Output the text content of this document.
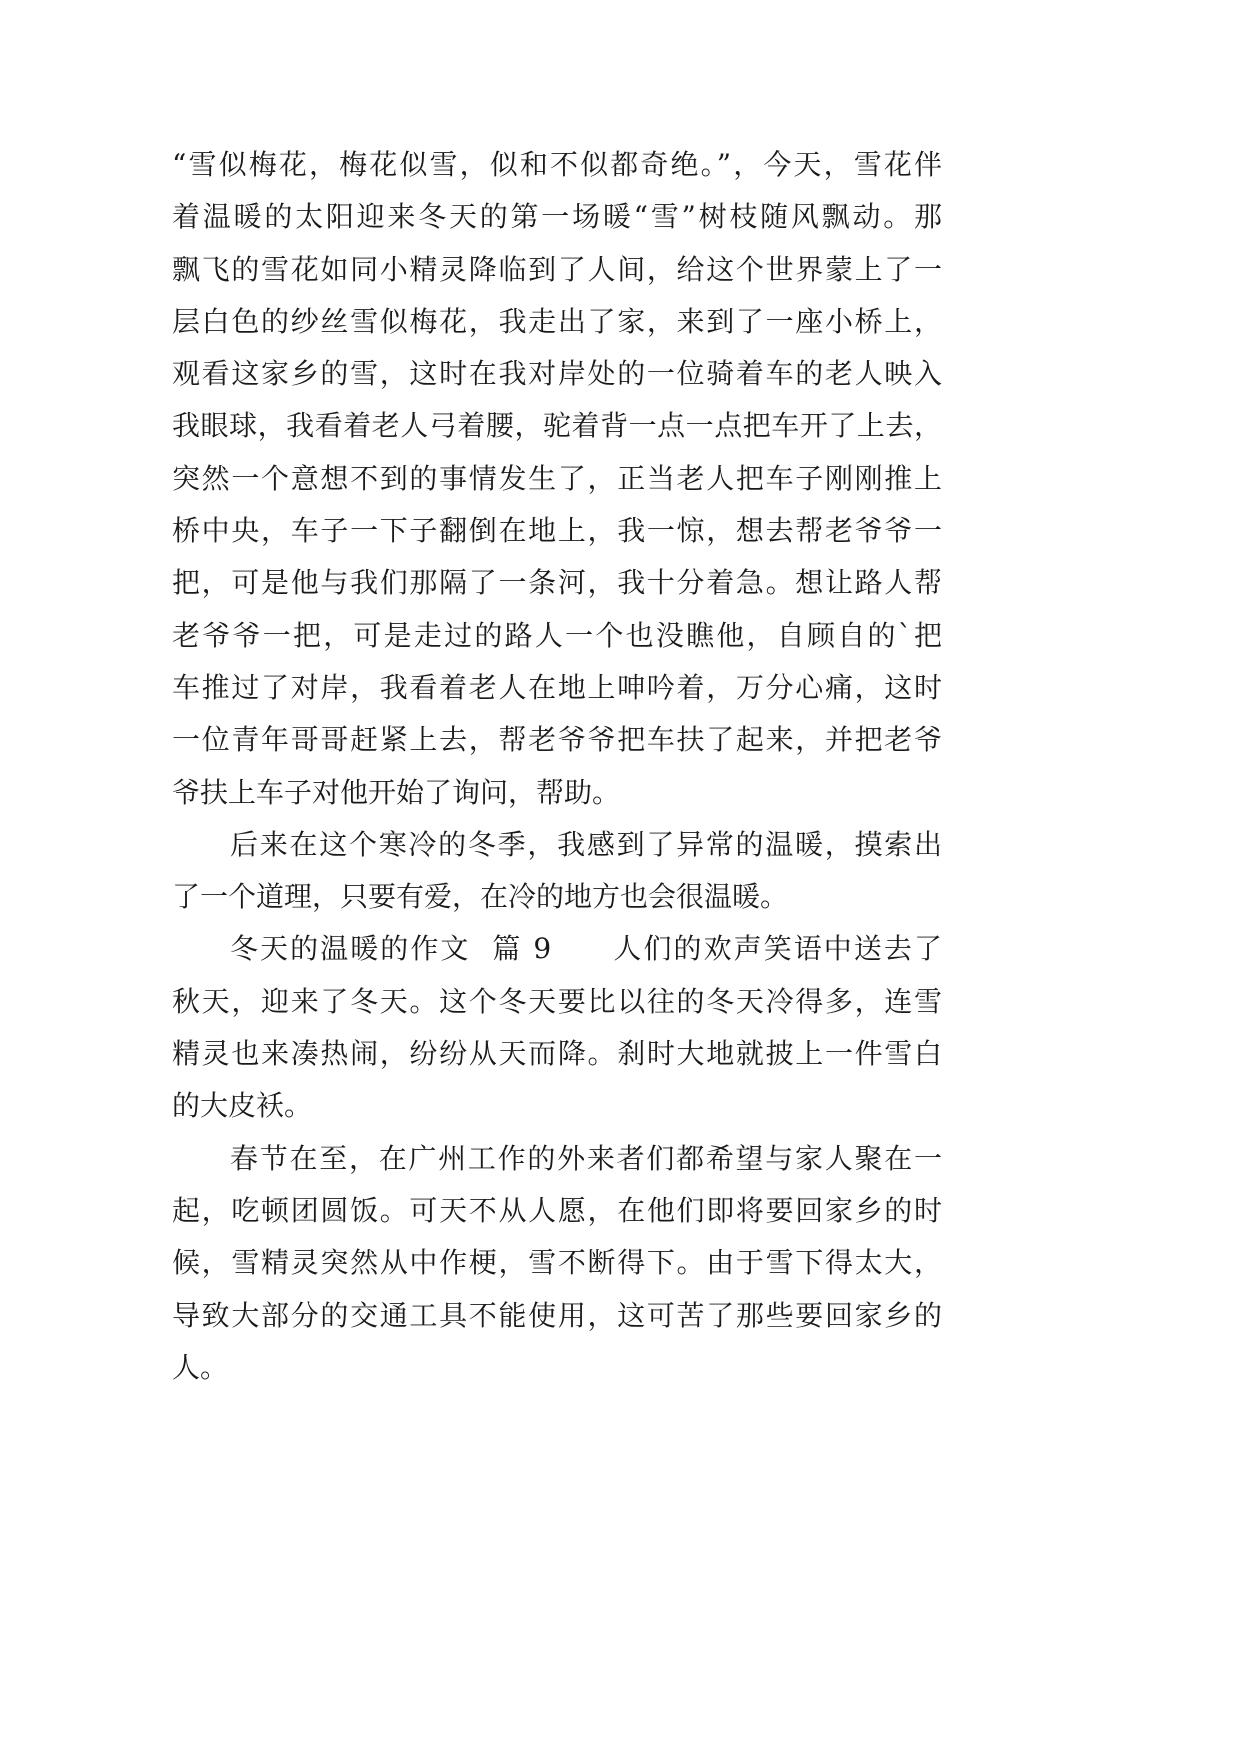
“雪似梅花，梅花似雪，似和不似都奇绝。”，今天，雪花伴
着温暖的太阳迎来冬天的第一场暖“雪”树枝随风飘动。那
飘飞的雪花如同小精灵降临到了人间，给这个世界蒙上了一
层白色的纱丝雪似梅花，我走出了家，来到了一座小桥上，
观看这家乡的雪，这时在我对岸处的一位骑着车的老人映入
我眼球，我看着老人弓着腰，驼着背一点一点把车开了上去，
突然一个意想不到的事情发生了，正当老人把车子刚刚推上
桥中央，车子一下子翻倒在地上，我一惊，想去帮老爷爷一
把，可是他与我们那隔了一条河，我十分着急。想让路人帮
老爷爷一把，可是走过的路人一个也没瞧他，自顾自的`把
车推过了对岸，我看着老人在地上呻吟着，万分心痛，这时
一位青年哥哥赶紧上去，帮老爷爷把车扶了起来，并把老爷
爷扶上车子对他开始了询问，帮助。
后来在这个寒冷的冬季，我感到了异常的温暖，摸索出
了一个道理，只要有爱，在冷的地方也会很温暖。
冬天的温暖的作文  篇 9　　人们的欢声笑语中送去了
秋天，迎来了冬天。这个冬天要比以往的冬天冷得多，连雪
精灵也来凑热闹，纷纷从天而降。刹时大地就披上一件雪白
的大皮袄。
春节在至，在广州工作的外来者们都希望与家人聚在一
起，吃顿团圆饭。可天不从人愿，在他们即将要回家乡的时
候，雪精灵突然从中作梗，雪不断得下。由于雪下得太大，
导致大部分的交通工具不能使用，这可苦了那些要回家乡的
人。
